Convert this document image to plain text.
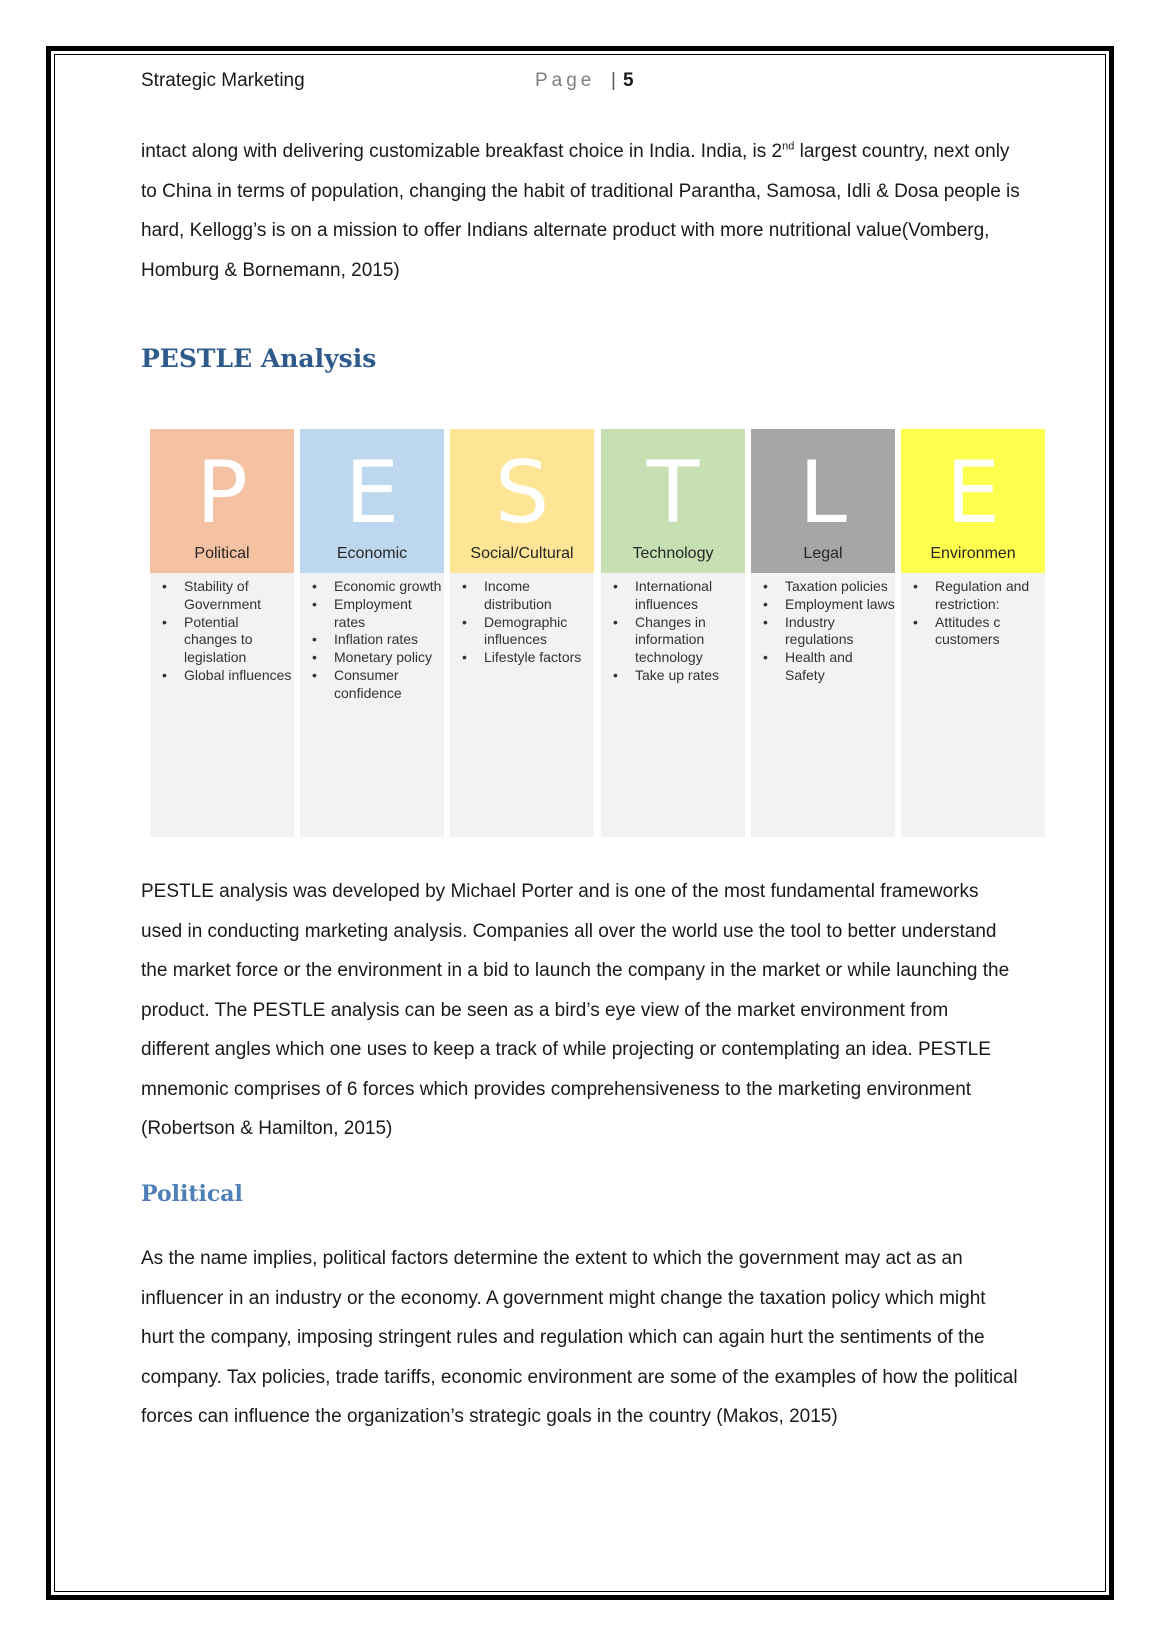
Strategic Marketing	Page | 5

intact along with delivering customizable breakfast choice in India. India, is 2nd largest country, next only to China in terms of population, changing the habit of traditional Parantha, Samosa, Idli & Dosa people is hard, Kellogg’s is on a mission to offer Indians alternate product with more nutritional value(Vomberg, Homburg & Bornemann, 2015)

PESTLE Analysis
P
Political
• Stability of Government
• Potential changes to legislation
• Global influences
E
Economic
• Economic growth
• Employment rates
• Inflation rates
• Monetary policy
• Consumer confidence
S
Social/Cultural
• Income distribution
• Demographic influences
• Lifestyle factors
T
Technology
• International influences
• Changes in information technology
• Take up rates
L
Legal
• Taxation policies
• Employment laws
• Industry regulations
• Health and Safety
E
Environmen
• Regulation and restriction:
• Attitudes c customers

PESTLE analysis was developed by Michael Porter and is one of the most fundamental frameworks used in conducting marketing analysis. Companies all over the world use the tool to better understand the market force or the environment in a bid to launch the company in the market or while launching the product. The PESTLE analysis can be seen as a bird’s eye view of the market environment from different angles which one uses to keep a track of while projecting or contemplating an idea. PESTLE mnemonic comprises of 6 forces which provides comprehensiveness to the marketing environment (Robertson & Hamilton, 2015)

Political

As the name implies, political factors determine the extent to which the government may act as an influencer in an industry or the economy. A government might change the taxation policy which might hurt the company, imposing stringent rules and regulation which can again hurt the sentiments of the company. Tax policies, trade tariffs, economic environment are some of the examples of how the political forces can influence the organization’s strategic goals in the country (Makos, 2015)
